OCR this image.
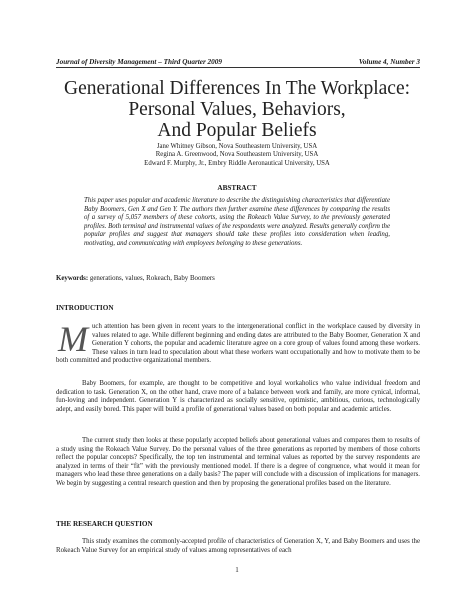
Journal of Diversity Management – Third Quarter 2009	Volume 4, Number 3
Generational Differences In The Workplace:
Personal Values, Behaviors,
And Popular Beliefs
Jane Whitney Gibson, Nova Southeastern University, USA
Regina A. Greenwood, Nova Southeastern University, USA
Edward F. Murphy, Jr., Embry Riddle Aeronautical University, USA
ABSTRACT
This paper uses popular and academic literature to describe the distinguishing characteristics that differentiate Baby Boomers, Gen X and Gen Y. The authors then further examine these differences by comparing the results of a survey of 5,057 members of these cohorts, using the Rokeach Value Survey, to the previously generated profiles. Both terminal and instrumental values of the respondents were analyzed. Results generally confirm the popular profiles and suggest that managers should take these profiles into consideration when leading, motivating, and communicating with employees belonging to these generations.
Keywords: generations, values, Rokeach, Baby Boomers
INTRODUCTION
M uch attention has been given in recent years to the intergenerational conflict in the workplace caused by diversity in values related to age. While different beginning and ending dates are attributed to the Baby Boomer, Generation X and Generation Y cohorts, the popular and academic literature agree on a core group of values found among these workers. These values in turn lead to speculation about what these workers want occupationally and how to motivate them to be both committed and productive organizational members.
Baby Boomers, for example, are thought to be competitive and loyal workaholics who value individual freedom and dedication to task. Generation X, on the other hand, crave more of a balance between work and family, are more cynical, informal, fun-loving and independent. Generation Y is characterized as socially sensitive, optimistic, ambitious, curious, technologically adept, and easily bored. This paper will build a profile of generational values based on both popular and academic articles.
The current study then looks at these popularly accepted beliefs about generational values and compares them to results of a study using the Rokeach Value Survey. Do the personal values of the three generations as reported by members of those cohorts reflect the popular concepts? Specifically, the top ten instrumental and terminal values as reported by the survey respondents are analyzed in terms of their “fit” with the previously mentioned model. If there is a degree of congruence, what would it mean for managers who lead these three generations on a daily basis? The paper will conclude with a discussion of implications for managers. We begin by suggesting a central research question and then by proposing the generational profiles based on the literature.
THE RESEARCH QUESTION
This study examines the commonly-accepted profile of characteristics of Generation X, Y, and Baby Boomers and uses the Rokeach Value Survey for an empirical study of values among representatives of each
1
